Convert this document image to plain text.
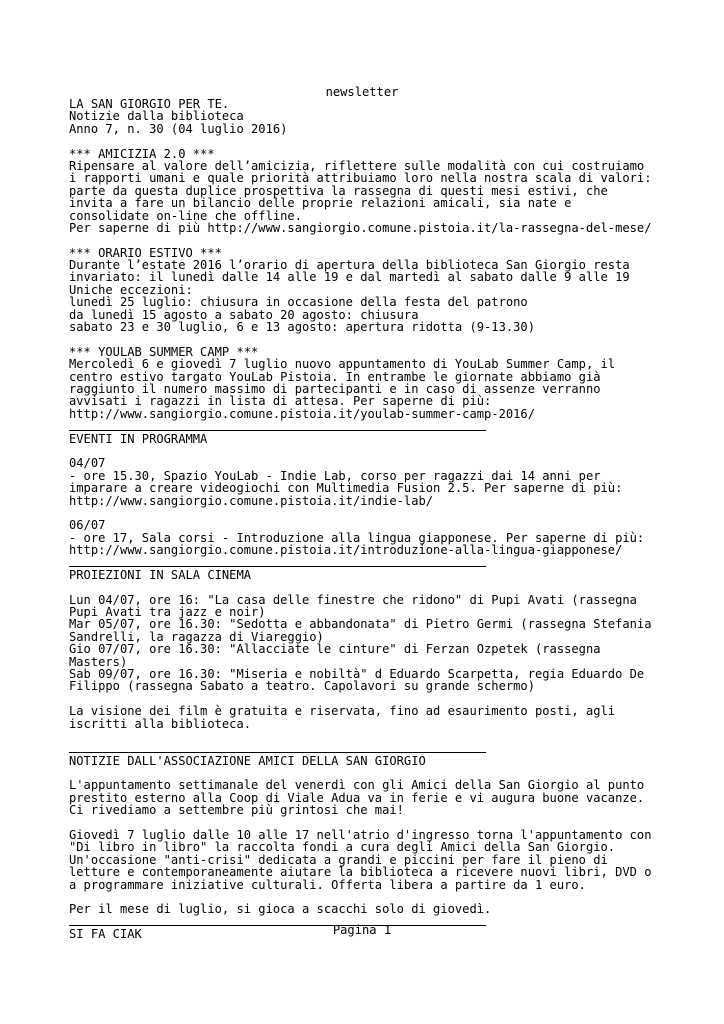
newsletter
LA SAN GIORGIO PER TE.
Notizie dalla biblioteca
Anno 7, n. 30 (04 luglio 2016)
*** AMICIZIA 2.0 ***
Ripensare al valore dell’amicizia, riflettere sulle modalità con cui costruiamo
i rapporti umani e quale priorità attribuiamo loro nella nostra scala di valori:
parte da questa duplice prospettiva la rassegna di questi mesi estivi, che
invita a fare un bilancio delle proprie relazioni amicali, sia nate e
consolidate on-line che offline.
Per saperne di più http://www.sangiorgio.comune.pistoia.it/la-rassegna-del-mese/
*** ORARIO ESTIVO ***
Durante l’estate 2016 l’orario di apertura della biblioteca San Giorgio resta
invariato: il lunedì dalle 14 alle 19 e dal martedì al sabato dalle 9 alle 19
Uniche eccezioni:
lunedì 25 luglio: chiusura in occasione della festa del patrono
da lunedì 15 agosto a sabato 20 agosto: chiusura
sabato 23 e 30 luglio, 6 e 13 agosto: apertura ridotta (9-13.30)
*** YOULAB SUMMER CAMP ***
Mercoledì 6 e giovedì 7 luglio nuovo appuntamento di YouLab Summer Camp, il
centro estivo targato YouLab Pistoia. In entrambe le giornate abbiamo già
raggiunto il numero massimo di partecipanti e in caso di assenze verranno
avvisati i ragazzi in lista di attesa. Per saperne di più:
http://www.sangiorgio.comune.pistoia.it/youlab-summer-camp-2016/
EVENTI IN PROGRAMMA
04/07
- ore 15.30, Spazio YouLab - Indie Lab, corso per ragazzi dai 14 anni per
imparare a creare videogiochi con Multimedia Fusion 2.5. Per saperne di più:
http://www.sangiorgio.comune.pistoia.it/indie-lab/
06/07
- ore 17, Sala corsi - Introduzione alla lingua giapponese. Per saperne di più:
http://www.sangiorgio.comune.pistoia.it/introduzione-alla-lingua-giapponese/
PROIEZIONI IN SALA CINEMA
Lun 04/07, ore 16: "La casa delle finestre che ridono" di Pupi Avati (rassegna
Pupi Avati tra jazz e noir)
Mar 05/07, ore 16.30: "Sedotta e abbandonata" di Pietro Germi (rassegna Stefania
Sandrelli, la ragazza di Viareggio)
Gio 07/07, ore 16.30: "Allacciate le cinture" di Ferzan Ozpetek (rassegna
Masters)
Sab 09/07, ore 16.30: "Miseria e nobiltà" d Eduardo Scarpetta, regia Eduardo De
Filippo (rassegna Sabato a teatro. Capolavori su grande schermo)
La visione dei film è gratuita e riservata, fino ad esaurimento posti, agli
iscritti alla biblioteca.
NOTIZIE DALL'ASSOCIAZIONE AMICI DELLA SAN GIORGIO
L'appuntamento settimanale del venerdì con gli Amici della San Giorgio al punto
prestito esterno alla Coop di Viale Adua va in ferie e vi augura buone vacanze.
Ci rivediamo a settembre più grintosi che mai!
Giovedì 7 luglio dalle 10 alle 17 nell'atrio d'ingresso torna l'appuntamento con
"Di libro in libro" la raccolta fondi a cura degli Amici della San Giorgio.
Un'occasione "anti-crisi" dedicata a grandi e piccini per fare il pieno di
letture e contemporaneamente aiutare la biblioteca a ricevere nuovi libri, DVD o
a programmare iniziative culturali. Offerta libera a partire da 1 euro.
Per il mese di luglio, si gioca a scacchi solo di giovedì.
SI FA CIAK	Pagina 1
